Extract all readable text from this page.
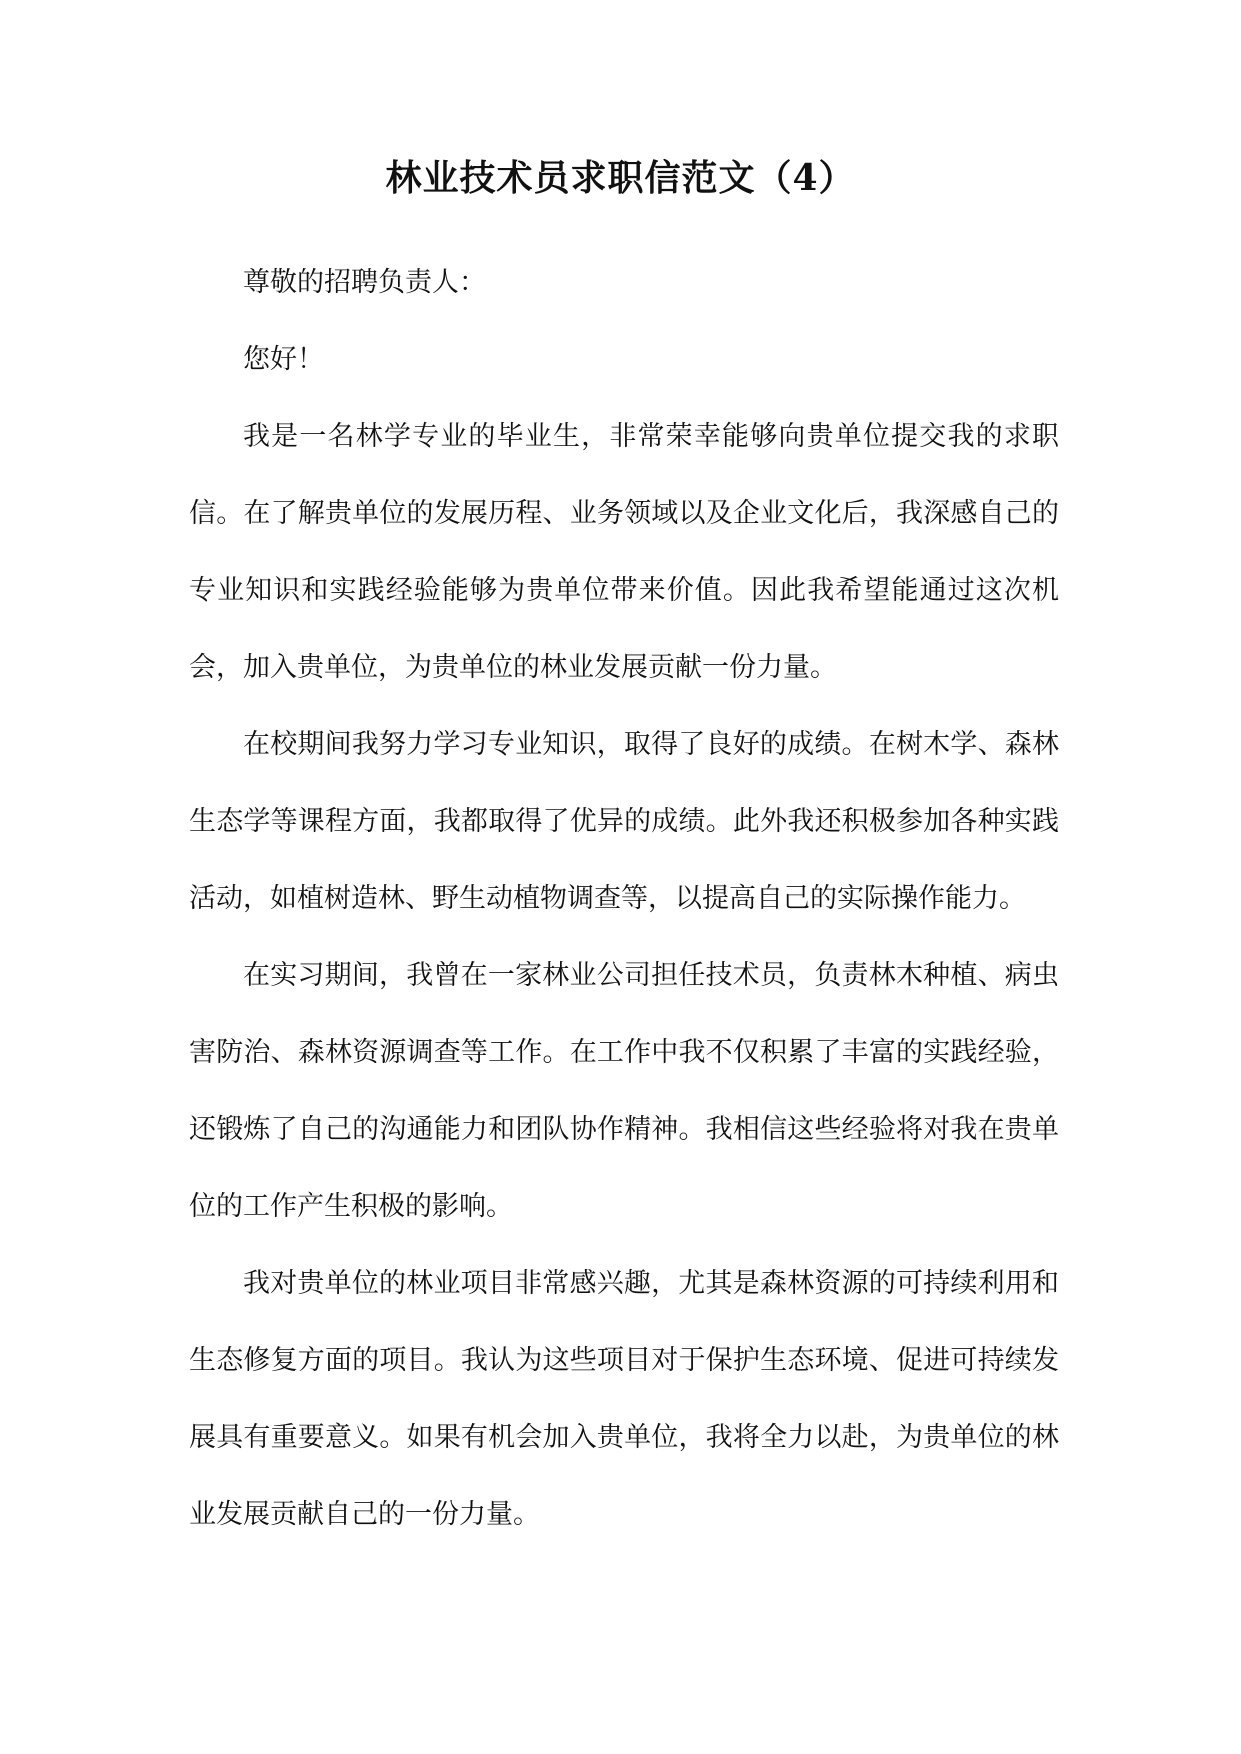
林业技术员求职信范文（4）

尊敬的招聘负责人：

您好！

我是一名林学专业的毕业生，非常荣幸能够向贵单位提交我的求职信。在了解贵单位的发展历程、业务领域以及企业文化后，我深感自己的专业知识和实践经验能够为贵单位带来价值。因此我希望能通过这次机会，加入贵单位，为贵单位的林业发展贡献一份力量。

在校期间我努力学习专业知识，取得了良好的成绩。在树木学、森林生态学等课程方面，我都取得了优异的成绩。此外我还积极参加各种实践活动，如植树造林、野生动植物调查等，以提高自己的实际操作能力。

在实习期间，我曾在一家林业公司担任技术员，负责林木种植、病虫害防治、森林资源调查等工作。在工作中我不仅积累了丰富的实践经验，还锻炼了自己的沟通能力和团队协作精神。我相信这些经验将对我在贵单位的工作产生积极的影响。

我对贵单位的林业项目非常感兴趣，尤其是森林资源的可持续利用和生态修复方面的项目。我认为这些项目对于保护生态环境、促进可持续发展具有重要意义。如果有机会加入贵单位，我将全力以赴，为贵单位的林业发展贡献自己的一份力量。
